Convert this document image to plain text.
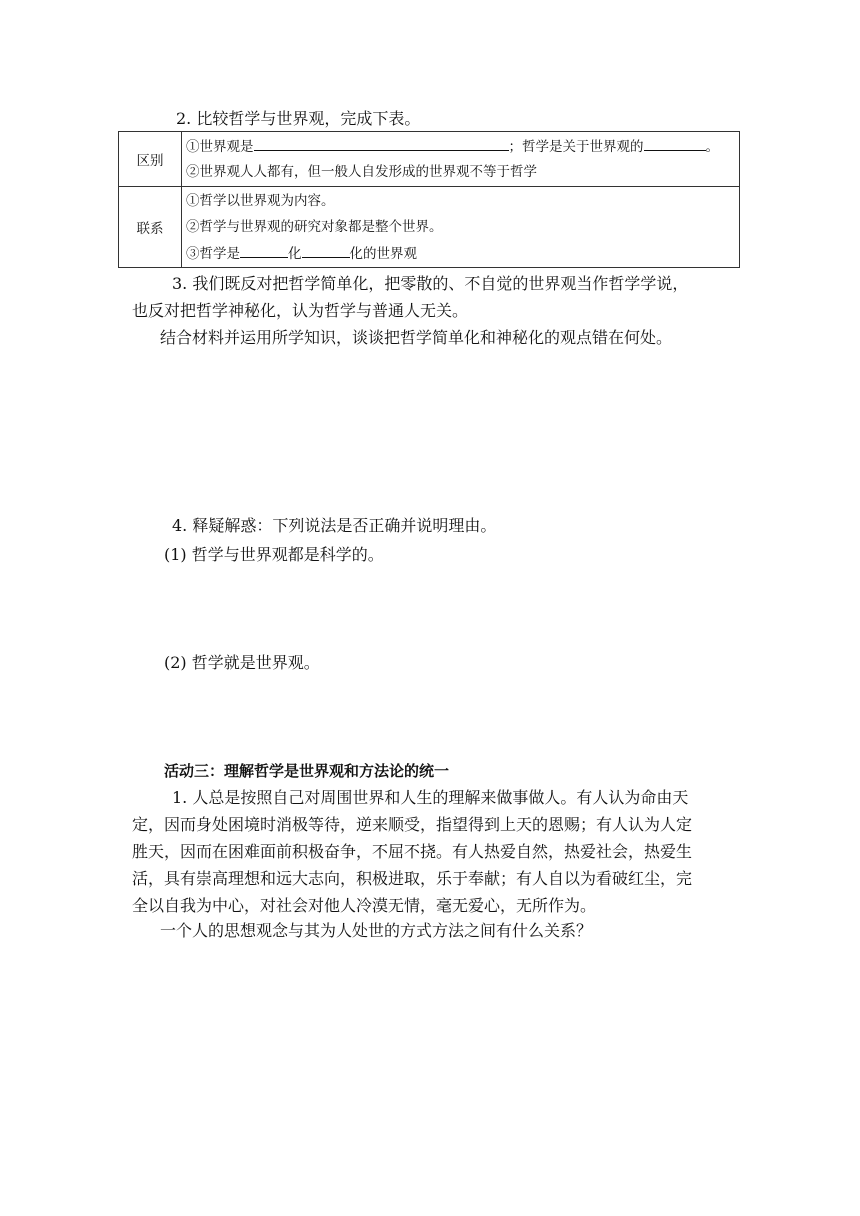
2. 比较哲学与世界观，完成下表。
区别	①世界观是 ；哲学是关于世界观的 。
②世界观人人都有，但一般人自发形成的世界观不等于哲学

联系	①哲学以世界观为内容。
②哲学与世界观的研究对象都是整个世界。
③哲学是 化 化的世界观
3. 我们既反对把哲学简单化，把零散的、不自觉的世界观当作哲学学说，
也反对把哲学神秘化，认为哲学与普通人无关。
结合材料并运用所学知识，谈谈把哲学简单化和神秘化的观点错在何处。
4. 释疑解惑：下列说法是否正确并说明理由。
(1) 哲学与世界观都是科学的。
(2) 哲学就是世界观。
活动三：理解哲学是世界观和方法论的统一
1. 人总是按照自己对周围世界和人生的理解来做事做人。有人认为命由天
定，因而身处困境时消极等待，逆来顺受，指望得到上天的恩赐；有人认为人定
胜天，因而在困难面前积极奋争，不屈不挠。有人热爱自然，热爱社会，热爱生
活，具有崇高理想和远大志向，积极进取，乐于奉献；有人自以为看破红尘，完
全以自我为中心，对社会对他人冷漠无情，毫无爱心，无所作为。
一个人的思想观念与其为人处世的方式方法之间有什么关系？
